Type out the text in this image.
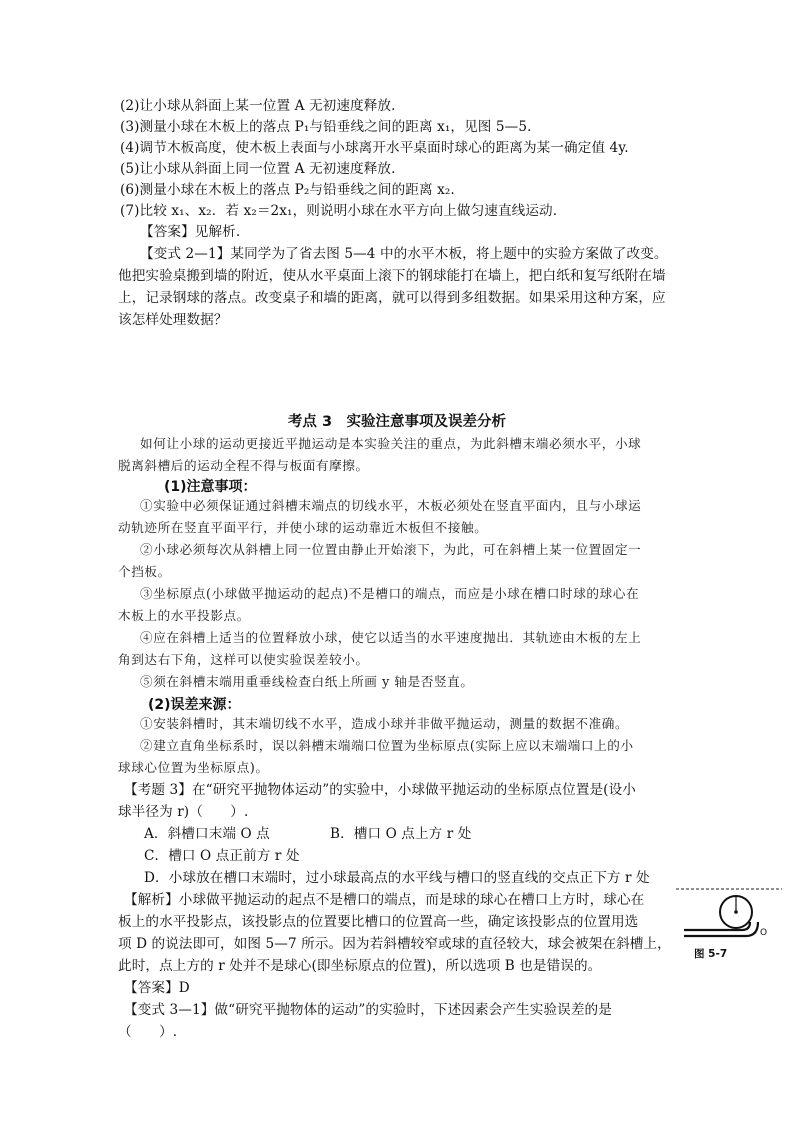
(2)让小球从斜面上某一位置 A 无初速度释放.
(3)测量小球在木板上的落点 P₁与铅垂线之间的距离 x₁，见图 5—5.
(4)调节木板高度，使木板上表面与小球离开水平桌面时球心的距离为某一确定值 4y.
(5)让小球从斜面上同一位置 A 无初速度释放.
(6)测量小球在木板上的落点 P₂与铅垂线之间的距离 x₂.
(7)比较 x₁、x₂．若 x₂＝2x₁，则说明小球在水平方向上做匀速直线运动.
【答案】见解析.
【变式 2—1】某同学为了省去图 5—4 中的水平木板，将上题中的实验方案做了改变。
他把实验桌搬到墙的附近，使从水平桌面上滚下的钢球能打在墙上，把白纸和复写纸附在墙
上，记录钢球的落点。改变桌子和墙的距离，就可以得到多组数据。如果采用这种方案，应
该怎样处理数据？
考点 3　实验注意事项及误差分析
如何让小球的运动更接近平抛运动是本实验关注的重点，为此斜槽末端必须水平，小球
脱离斜槽后的运动全程不得与板面有摩擦。
(1)注意事项：
①实验中必须保证通过斜槽末端点的切线水平，木板必须处在竖直平面内，且与小球运
动轨迹所在竖直平面平行，并使小球的运动靠近木板但不接触。
②小球必须每次从斜槽上同一位置由静止开始滚下，为此，可在斜槽上某一位置固定一
个挡板。
③坐标原点(小球做平抛运动的起点)不是槽口的端点，而应是小球在槽口时球的球心在
木板上的水平投影点。
④应在斜槽上适当的位置释放小球，使它以适当的水平速度抛出．其轨迹由木板的左上
角到达右下角，这样可以使实验误差较小。
⑤须在斜槽末端用重垂线检查白纸上所画 y 轴是否竖直。
(2)误差来源：
①安装斜槽时，其末端切线不水平，造成小球并非做平抛运动，测量的数据不准确。
②建立直角坐标系时，误以斜槽末端端口位置为坐标原点(实际上应以末端端口上的小
球球心位置为坐标原点)。
【考题 3】在“研究平抛物体运动”的实验中，小球做平抛运动的坐标原点位置是(设小
球半径为 r)（　　）.
A．斜槽口末端 O 点	B．槽口 O 点上方 r 处
C．槽口 O 点正前方 r 处
D．小球放在槽口末端时，过小球最高点的水平线与槽口的竖直线的交点正下方 r 处
【解析】小球做平抛运动的起点不是槽口的端点，而是球的球心在槽口上方时，球心在
板上的水平投影点，该投影点的位置要比槽口的位置高一些，确定该投影点的位置用选
项 D 的说法即可，如图 5—7 所示。因为若斜槽较窄或球的直径较大，球会被架在斜槽上，
此时，点上方的 r 处并不是球心(即坐标原点的位置)，所以选项 B 也是错误的。
【答案】D
【变式 3—1】做“研究平抛物体的运动”的实验时，下述因素会产生实验误差的是
（　　）.
O
图 5-7
